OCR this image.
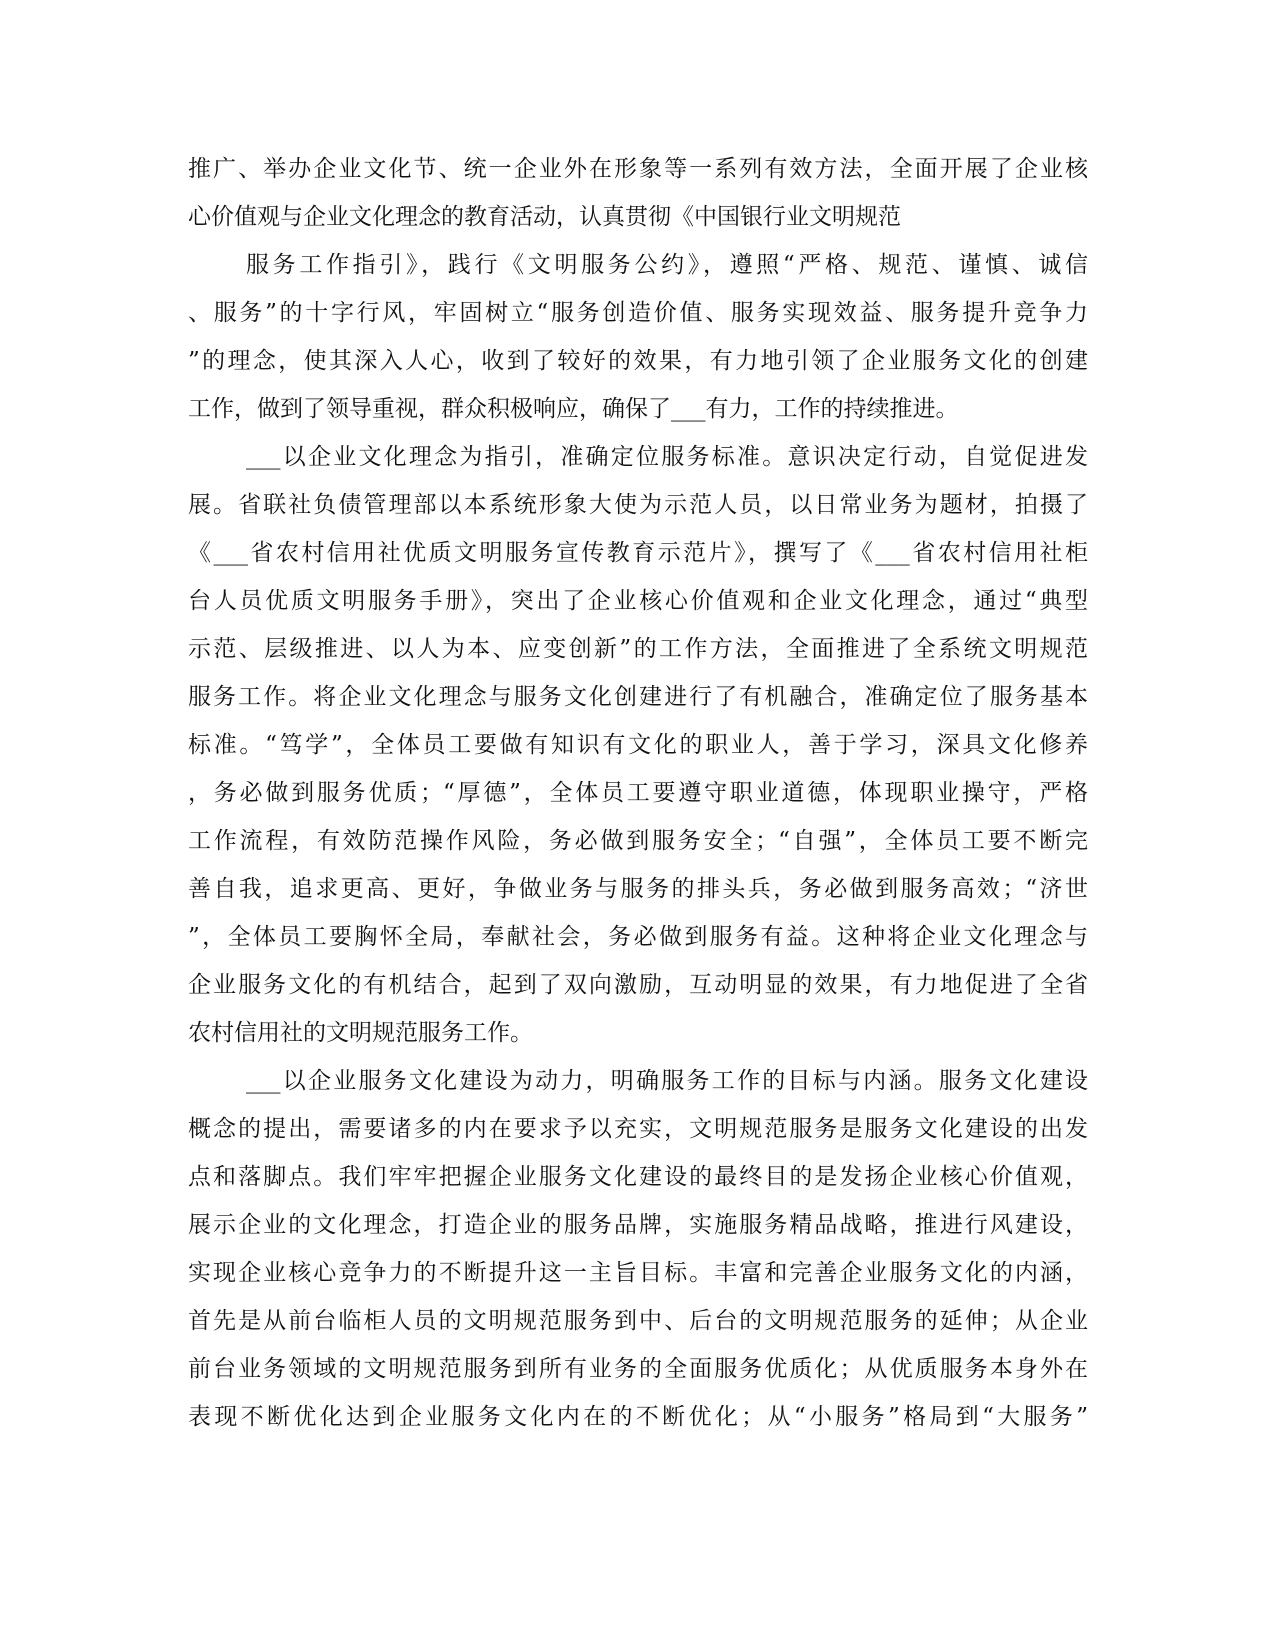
推广、举办企业文化节、统一企业外在形象等一系列有效方法，全面开展了企业核
心价值观与企业文化理念的教育活动，认真贯彻《中国银行业文明规范
服务工作指引》，践行《文明服务公约》，遵照“严格、规范、谨慎、诚信
、服务”的十字行风，牢固树立“服务创造价值、服务实现效益、服务提升竞争力
”的理念，使其深入人心，收到了较好的效果，有力地引领了企业服务文化的创建
工作，做到了领导重视，群众积极响应，确保了___有力，工作的持续推进。
___以企业文化理念为指引，准确定位服务标准。意识决定行动，自觉促进发
展。省联社负债管理部以本系统形象大使为示范人员，以日常业务为题材，拍摄了
《___省农村信用社优质文明服务宣传教育示范片》，撰写了《___省农村信用社柜
台人员优质文明服务手册》，突出了企业核心价值观和企业文化理念，通过“典型
示范、层级推进、以人为本、应变创新”的工作方法，全面推进了全系统文明规范
服务工作。将企业文化理念与服务文化创建进行了有机融合，准确定位了服务基本
标准。“笃学”，全体员工要做有知识有文化的职业人，善于学习，深具文化修养
，务必做到服务优质；“厚德”，全体员工要遵守职业道德，体现职业操守，严格
工作流程，有效防范操作风险，务必做到服务安全；“自强”，全体员工要不断完
善自我，追求更高、更好，争做业务与服务的排头兵，务必做到服务高效；“济世
”，全体员工要胸怀全局，奉献社会，务必做到服务有益。这种将企业文化理念与
企业服务文化的有机结合，起到了双向激励，互动明显的效果，有力地促进了全省
农村信用社的文明规范服务工作。
___以企业服务文化建设为动力，明确服务工作的目标与内涵。服务文化建设
概念的提出，需要诸多的内在要求予以充实，文明规范服务是服务文化建设的出发
点和落脚点。我们牢牢把握企业服务文化建设的最终目的是发扬企业核心价值观，
展示企业的文化理念，打造企业的服务品牌，实施服务精品战略，推进行风建设，
实现企业核心竞争力的不断提升这一主旨目标。丰富和完善企业服务文化的内涵，
首先是从前台临柜人员的文明规范服务到中、后台的文明规范服务的延伸；从企业
前台业务领域的文明规范服务到所有业务的全面服务优质化；从优质服务本身外在
表现不断优化达到企业服务文化内在的不断优化；从“小服务”格局到“大服务”
